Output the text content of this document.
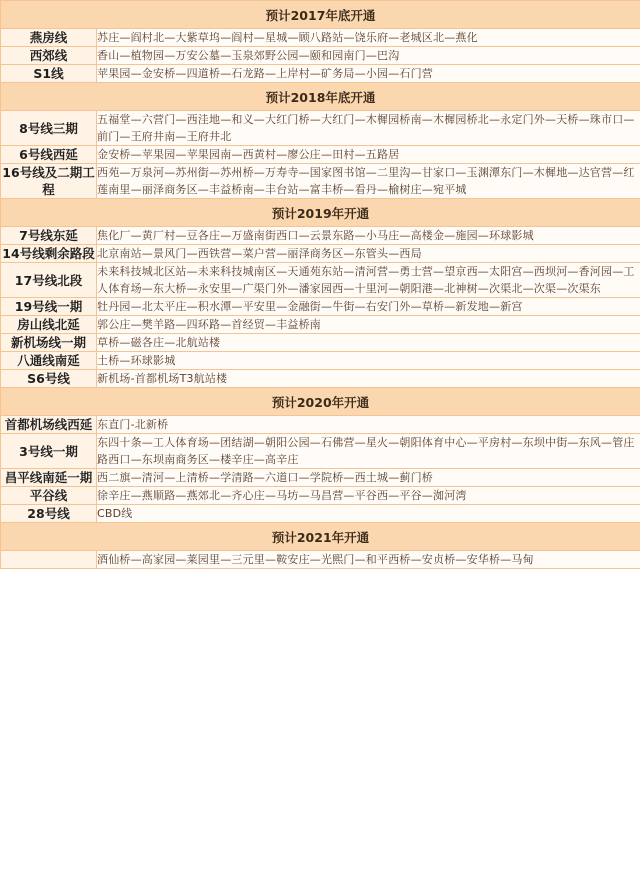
预计2017年底开通	
燕房线	苏庄—阎村北—大紫草坞—阎村—星城—顾八路站—饶乐府—老城区北—燕化
西郊线	香山—植物园—万安公墓—玉泉郊野公园—颐和园南门—巴沟
S1线	苹果园—金安桥—四道桥—石龙路—上岸村—矿务局—小园—石门营
预计2018年底开通	
8号线三期	五福堂—六营门—西洼地—和义—大红门桥—大红门—木樨园桥南—木樨园桥北—永定门外—天桥—珠市口—前门—王府井南—王府井北
6号线西延	金安桥—苹果园—苹果园南—西黄村—廖公庄—田村—五路居
16号线及二期工程	西苑—万泉河—苏州街—苏州桥—万寿寺—国家图书馆—二里沟—甘家口—玉渊潭东门—木樨地—达官营—红莲南里—丽泽商务区—丰益桥南—丰台站—富丰桥—看丹—榆树庄—宛平城
预计2019年开通	
7号线东延	焦化厂—黄厂村—豆各庄—万盛南街西口—云景东路—小马庄—高楼金—施园—环球影城
14号线剩余路段	北京南站—景风门—西铁营—菜户营—丽泽商务区—东管头—西局
17号线北段	未来科技城北区站—未来科技城南区—天通苑东站—清河营—勇士营—望京西—太阳宫—西坝河—香河园—工人体育场—东大桥—永安里—广渠门外—潘家园西—十里河—朝阳港—北神树—次渠北—次渠—次渠东
19号线一期	牡丹园—北太平庄—积水潭—平安里—金融街—牛街—右安门外—草桥—新发地—新宫
房山线北延	郭公庄—樊羊路—四环路—首经贸—丰益桥南
新机场线一期	草桥—磁各庄—北航站楼
八通线南延	土桥—环球影城
S6号线	新机场-首都机场T3航站楼
预计2020年开通	
首都机场线西延	东直门-北新桥
3号线一期	东四十条—工人体育场—团结湖—朝阳公园—石佛营—星火—朝阳体育中心—平房村—东坝中街—东风—管庄路西口—东坝南商务区—楼辛庄—高辛庄
昌平线南延一期	西二旗—清河—上清桥—学清路—六道口—学院桥—西土城—蓟门桥
平谷线	徐辛庄—燕顺路—燕郊北—齐心庄—马坊—马昌营—平谷西—平谷—洳河湾
28号线	CBD线
预计2021年开通	
	酒仙桥—高家园—莱园里—三元里—鞍安庄—光熙门—和平西桥—安贞桥—安华桥—马甸
